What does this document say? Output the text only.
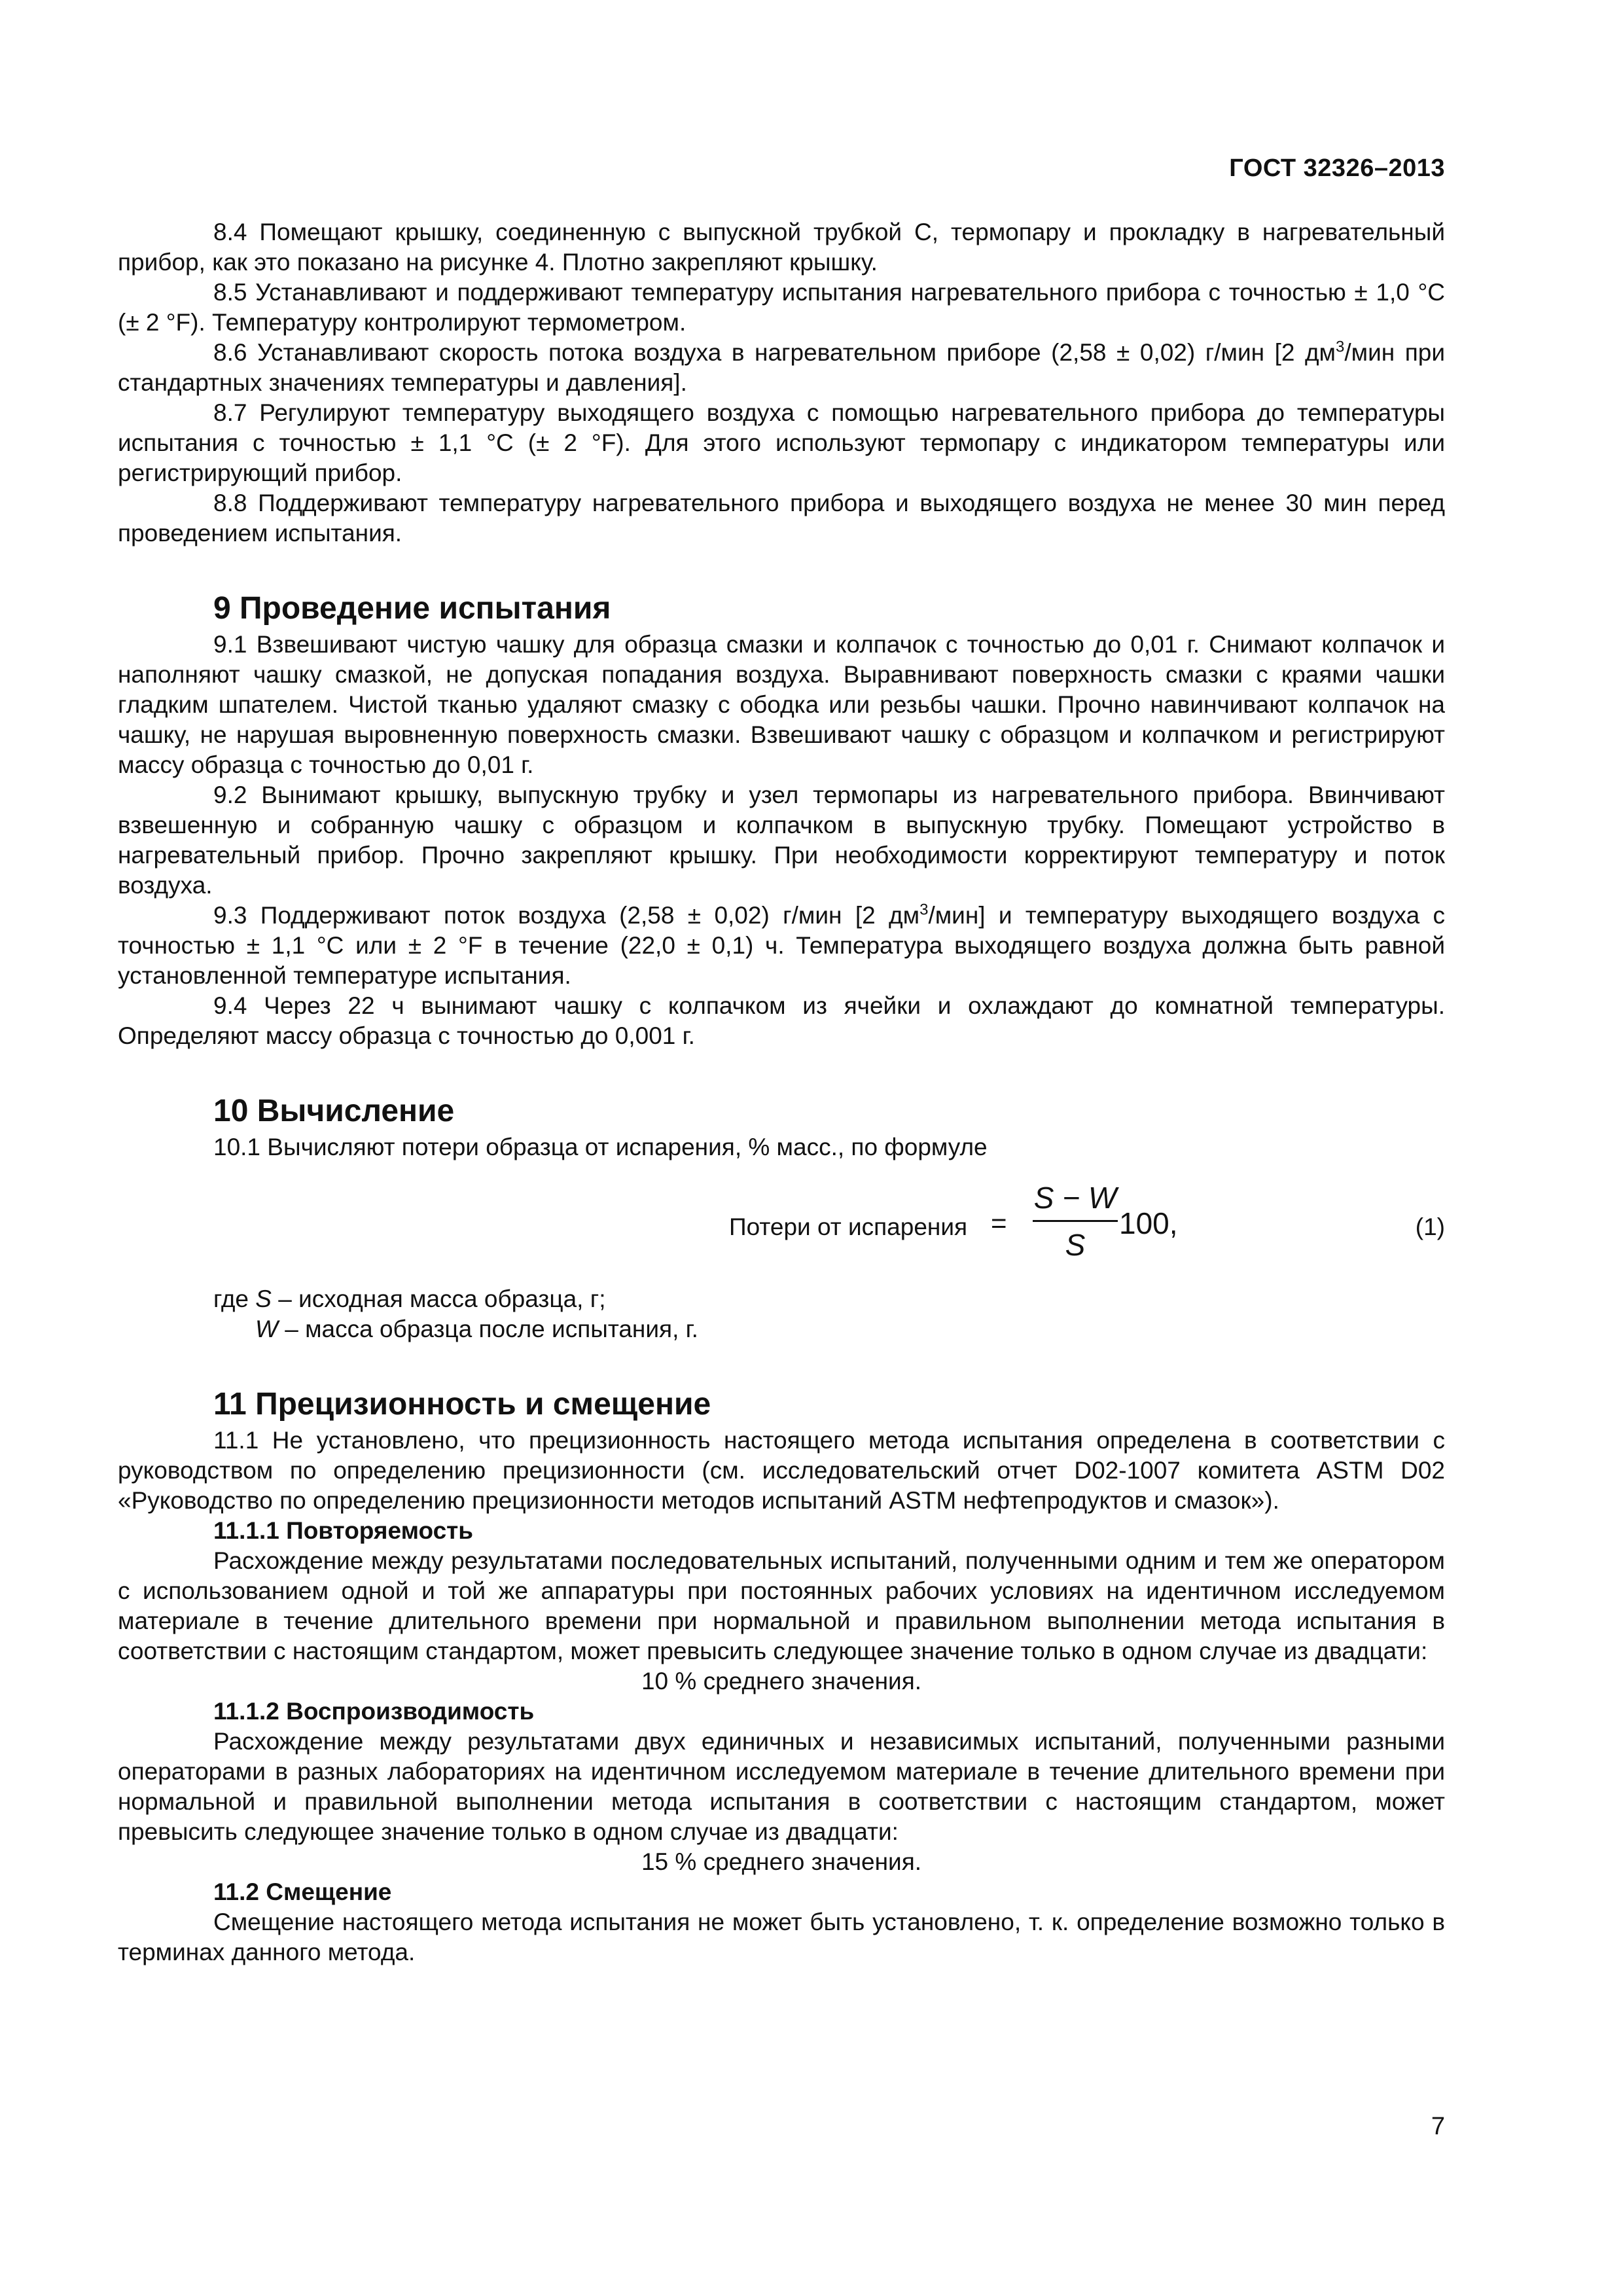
ГОСТ 32326–2013

8.4 Помещают крышку, соединенную с выпускной трубкой С, термопару и прокладку в нагревательный прибор, как это показано на рисунке 4. Плотно закрепляют крышку.

8.5 Устанавливают и поддерживают температуру испытания нагревательного прибора с точностью ± 1,0 °С (± 2 °F). Температуру контролируют термометром.

8.6 Устанавливают скорость потока воздуха в нагревательном приборе (2,58 ± 0,02) г/мин [2 $дм^3$/мин при стандартных значениях температуры и давления].

8.7 Регулируют температуру выходящего воздуха с помощью нагревательного прибора до температуры испытания с точностью ± 1,1 °С (± 2 °F). Для этого используют термопару с индикатором температуры или регистрирующий прибор.

8.8 Поддерживают температуру нагревательного прибора и выходящего воздуха не менее 30 мин перед проведением испытания.

9 Проведение испытания

9.1 Взвешивают чистую чашку для образца смазки и колпачок с точностью до 0,01 г. Снимают колпачок и наполняют чашку смазкой, не допуская попадания воздуха. Выравнивают поверхность смазки с краями чашки гладким шпателем. Чистой тканью удаляют смазку с ободка или резьбы чашки. Прочно навинчивают колпачок на чашку, не нарушая выровненную поверхность смазки. Взвешивают чашку с образцом и колпачком и регистрируют массу образца с точностью до 0,01 г.

9.2 Вынимают крышку, выпускную трубку и узел термопары из нагревательного прибора. Ввинчивают взвешенную и собранную чашку с образцом и колпачком в выпускную трубку. Помещают устройство в нагревательный прибор. Прочно закрепляют крышку. При необходимости корректируют температуру и поток воздуха.

9.3 Поддерживают поток воздуха (2,58 ± 0,02) г/мин [2 $дм^3/мин$] и температуру выходящего воздуха с точностью ± 1,1 °С или ± 2 °F в течение (22,0 ± 0,1) ч. Температура выходящего воздуха должна быть равной установленной температуре испытания.

9.4 Через 22 ч вынимают чашку с колпачком из ячейки и охлаждают до комнатной температуры. Определяют массу образца с точностью до 0,001 г.

10 Вычисление

10.1 Вычисляют потери образца от испарения, % масс., по формуле

Потери от испарения =
S − W
S
100,	(1)

где S – исходная масса образца, г;

W – масса образца после испытания, г.

11 Прецизионность и смещение

11.1 Не установлено, что прецизионность настоящего метода испытания определена в соответствии с руководством по определению прецизионности (см. исследовательский отчет D02-1007 комитета ASTM D02 «Руководство по определению прецизионности методов испытаний ASTM нефтепродуктов и смазок»).

11.1.1 Повторяемость

Расхождение между результатами последовательных испытаний, полученными одним и тем же оператором с использованием одной и той же аппаратуры при постоянных рабочих условиях на идентичном исследуемом материале в течение длительного времени при нормальной и правильном выполнении метода испытания в соответствии с настоящим стандартом, может превысить следующее значение только в одном случае из двадцати:

10 % среднего значения.

11.1.2 Воспроизводимость

Расхождение между результатами двух единичных и независимых испытаний, полученными разными операторами в разных лабораториях на идентичном исследуемом материале в течение длительного времени при нормальной и правильной выполнении метода испытания в соответствии с настоящим стандартом, может превысить следующее значение только в одном случае из двадцати:

15 % среднего значения.

11.2 Смещение

Смещение настоящего метода испытания не может быть установлено, т. к. определение возможно только в терминах данного метода.

7
